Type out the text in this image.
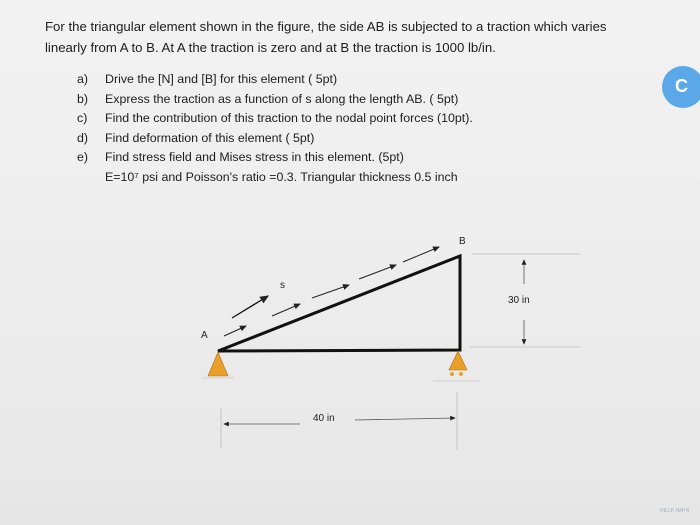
For the triangular element shown in the figure, the side AB is subjected to a traction which varies

linearly from A to B. At A the traction is zero and at B the traction is 1000 lb/in.

a) Drive the [N] and [B] for this element ( 5pt)
b) Express the traction as a function of s along the length AB. ( 5pt)
c) Find the contribution of this traction to the nodal point forces (10pt).
d) Find deformation of this element ( 5pt)
e) Find stress field and Mises stress in this element. (5pt)
E=10⁷ psi and Poisson's ratio =0.3. Triangular thickness 0.5 inch
C
A
B
s
30 in
40 in
HELP IMPR
